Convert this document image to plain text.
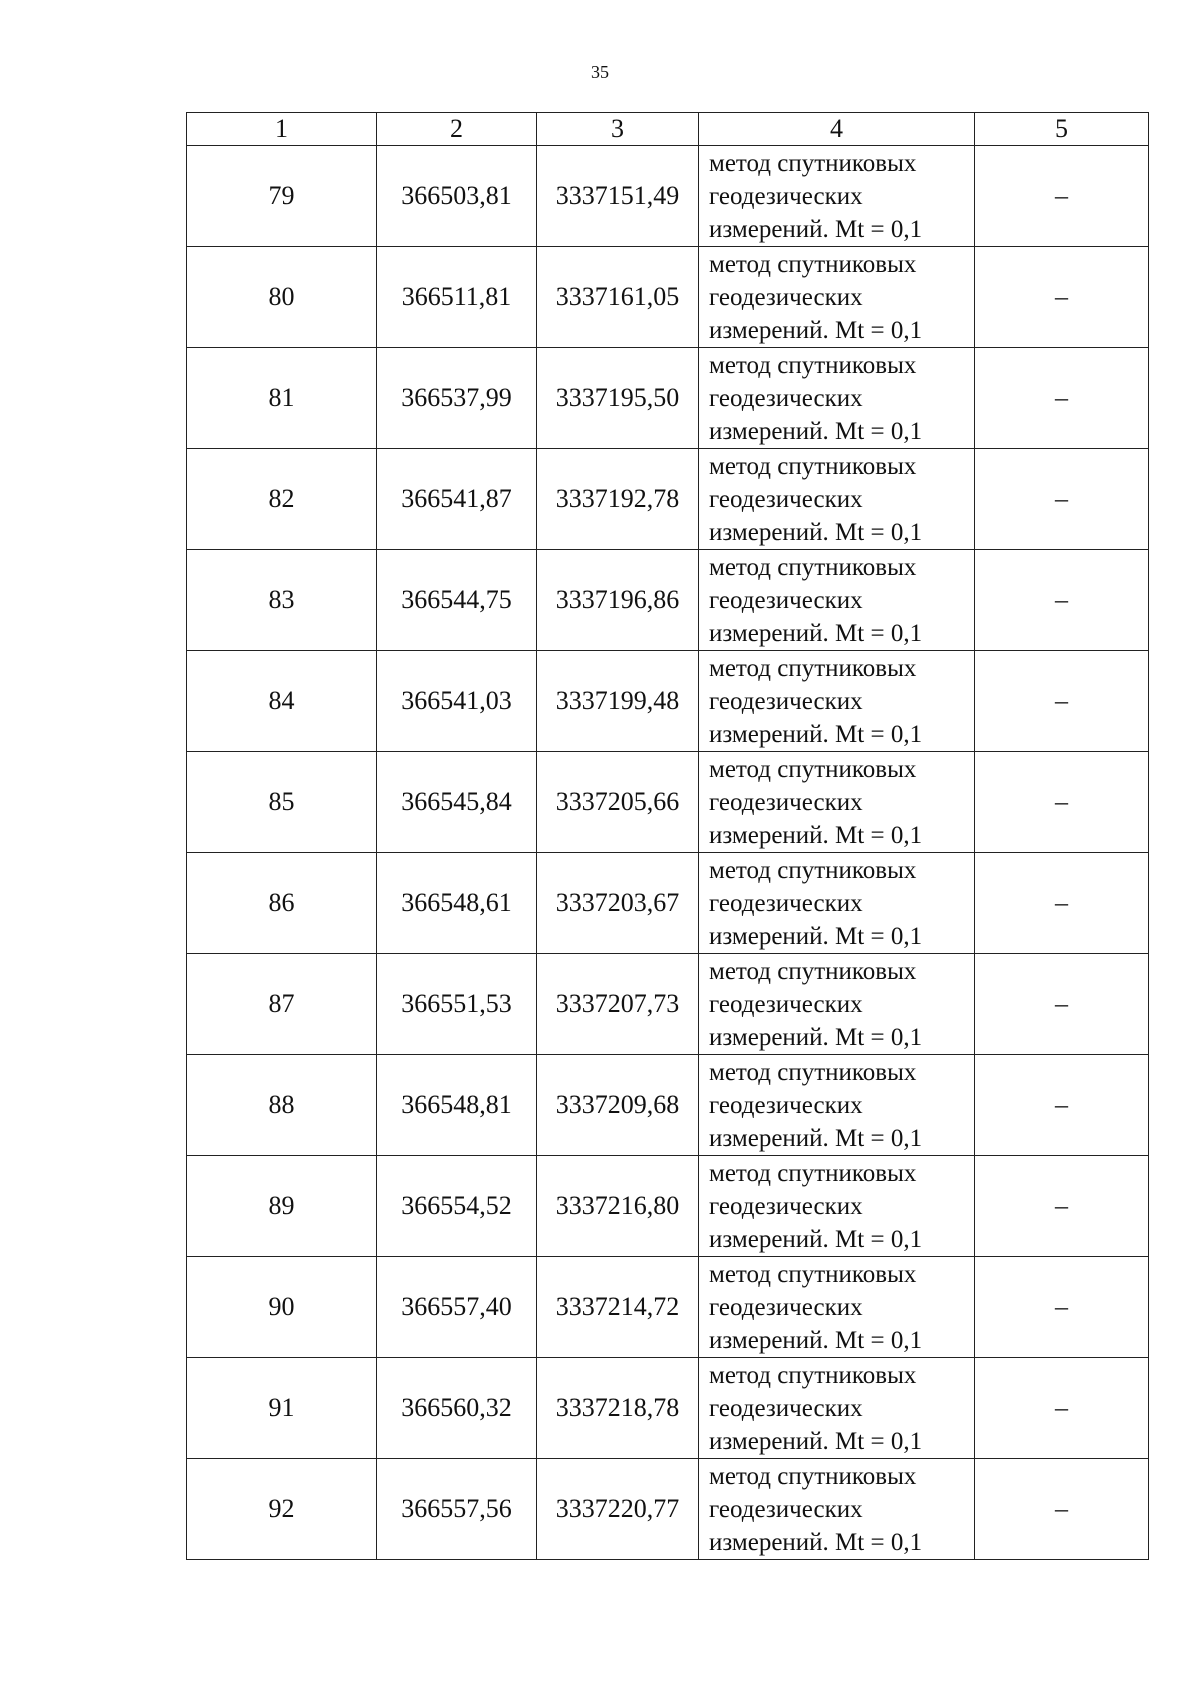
35
1	2	3	4	5
79	366503,81	3337151,49	метод спутниковых
геодезических
измерений. Mt = 0,1	–
80	366511,81	3337161,05	метод спутниковых
геодезических
измерений. Mt = 0,1	–
81	366537,99	3337195,50	метод спутниковых
геодезических
измерений. Mt = 0,1	–
82	366541,87	3337192,78	метод спутниковых
геодезических
измерений. Mt = 0,1	–
83	366544,75	3337196,86	метод спутниковых
геодезических
измерений. Mt = 0,1	–
84	366541,03	3337199,48	метод спутниковых
геодезических
измерений. Mt = 0,1	–
85	366545,84	3337205,66	метод спутниковых
геодезических
измерений. Mt = 0,1	–
86	366548,61	3337203,67	метод спутниковых
геодезических
измерений. Mt = 0,1	–
87	366551,53	3337207,73	метод спутниковых
геодезических
измерений. Mt = 0,1	–
88	366548,81	3337209,68	метод спутниковых
геодезических
измерений. Mt = 0,1	–
89	366554,52	3337216,80	метод спутниковых
геодезических
измерений. Mt = 0,1	–
90	366557,40	3337214,72	метод спутниковых
геодезических
измерений. Mt = 0,1	–
91	366560,32	3337218,78	метод спутниковых
геодезических
измерений. Mt = 0,1	–
92	366557,56	3337220,77	метод спутниковых
геодезических
измерений. Mt = 0,1	–
